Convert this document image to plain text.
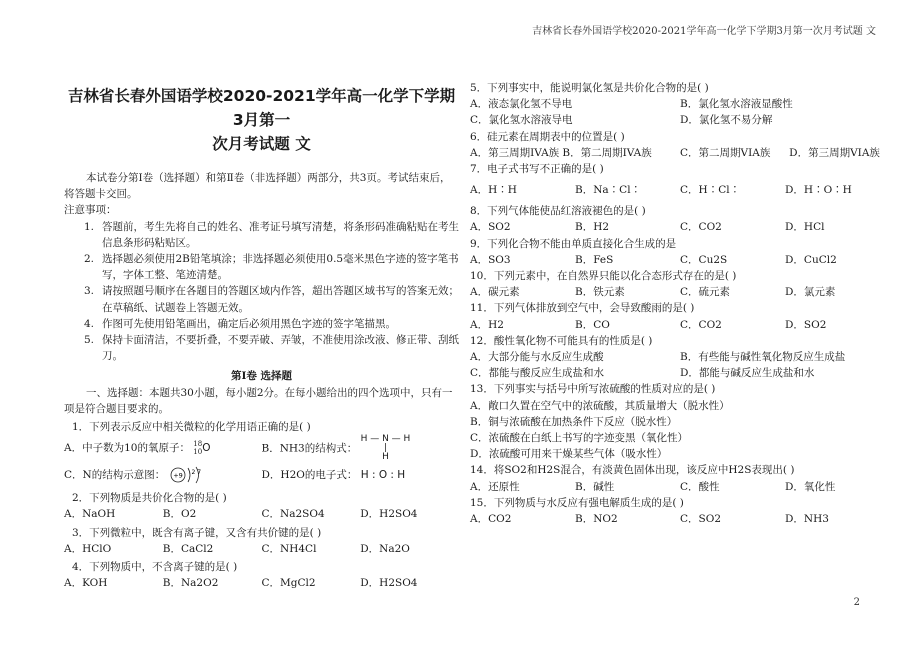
吉林省长春外国语学校2020-2021学年高一化学下学期3月第一次月考试题 文
吉林省长春外国语学校2020-2021学年高一化学下学期3月第一
次月考试题 文

本试卷分第Ⅰ卷（选择题）和第Ⅱ卷（非选择题）两部分，共3页。考试结束后，将答题卡交回。

注意事项：

1. 答题前，考生先将自己的姓名、准考证号填写清楚，将条形码准确粘贴在考生信息条形码粘贴区。

2. 选择题必须使用2B铅笔填涂；非选择题必须使用0.5毫米黑色字迹的签字笔书写，字体工整、笔迹清楚。

3. 请按照题号顺序在各题目的答题区域内作答，超出答题区域书写的答案无效；在草稿纸、试题卷上答题无效。

4. 作图可先使用铅笔画出，确定后必须用黑色字迹的签字笔描黑。

5. 保持卡面清洁，不要折叠，不要弄破、弄皱，不准使用涂改液、修正带、刮纸刀。

第Ⅰ卷 选择题

一、选择题：本题共30小题，每小题2分。在每小题给出的四个选项中，只有一项是符合题目要求的。

1．下列表示反应中相关微粒的化学用语正确的是( )

A．中子数为10的氧原子： 18
10O	B．NH3的结构式： H — N — H
|
H
C．N的结构示意图： +9 2 7	D．H2O的电子式： H : O : H

2．下列物质是共价化合物的是( )

A．NaOH	B．O2	C．Na2SO4	D．H2SO4

3．下列微粒中，既含有离子键，又含有共价键的是( )

A．HClO	B．CaCl2	C．NH4Cl	D．Na2O

4．下列物质中，不含离子键的是( )

A．KOH	B．Na2O2	C．MgCl2	D．H2SO4

5．下列事实中，能说明氯化氢是共价化合物的是( )

A．液态氯化氢不导电	B．氯化氢水溶液显酸性
C．氯化氢水溶液导电	D．氯化氢不易分解

6．硅元素在周期表中的位置是( )

A．第三周期IVA族 B．第二周期IVA族	C．第二周期VIA族	D．第三周期VIA族

7．电子式书写不正确的是( )

A．H∶H	B．Na∶Cl∶	C．H∶Cl∶	D．H∶O∶H

8．下列气体能使品红溶液褪色的是( )

A．SO2	B．H2	C．CO2	D．HCl

9．下列化合物不能由单质直接化合生成的是

A．SO3	B．FeS	C．Cu2S	D．CuCl2

10．下列元素中，在自然界只能以化合态形式存在的是( )

A．碳元素	B．铁元素	C．硫元素	D．氯元素

11．下列气体排放到空气中，会导致酸雨的是( )

A．H2	B．CO	C．CO2	D．SO2

12．酸性氧化物不可能具有的性质是( )

A．大部分能与水反应生成酸	B．有些能与碱性氧化物反应生成盐
C．都能与酸反应生成盐和水	D．都能与碱反应生成盐和水

13．下列事实与括号中所写浓硫酸的性质对应的是( )

A．敞口久置在空气中的浓硫酸，其质量增大（脱水性）

B．铜与浓硫酸在加热条件下反应（脱水性）

C．浓硫酸在白纸上书写的字迹变黑（氧化性）

D．浓硫酸可用来干燥某些气体（吸水性）

14．将SO2和H2S混合，有淡黄色固体出现，该反应中H2S表现出( )

A．还原性	B．碱性	C．酸性	D．氧化性

15．下列物质与水反应有强电解质生成的是( )

A．CO2	B．NO2	C．SO2	D．NH3
2
